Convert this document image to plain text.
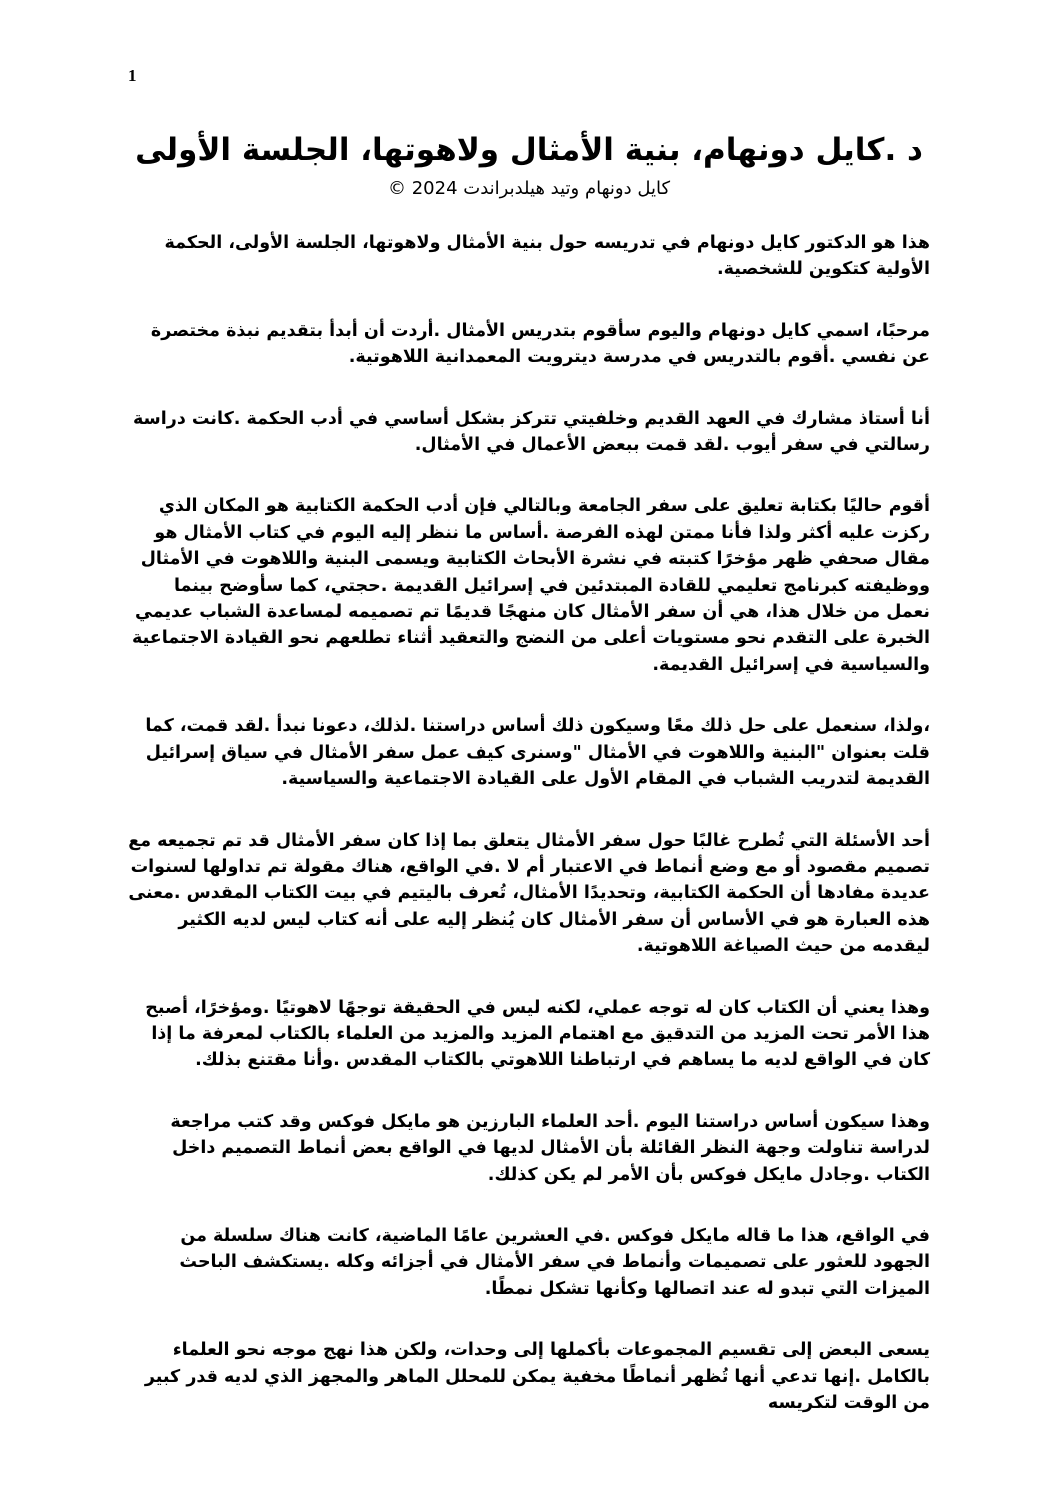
1
د .كايل دونهام، بنية الأمثال ولاهوتها، الجلسة الأولى
كايل دونهام وتيد هيلدبراندت 2024 ©

هذا هو الدكتور كايل دونهام في تدريسه حول بنية الأمثال ولاهوتها، الجلسة الأولى، الحكمة الأولية كتكوين للشخصية.

مرحبًا، اسمي كايل دونهام واليوم سأقوم بتدريس الأمثال .أردت أن أبدأ بتقديم نبذة مختصرة عن نفسي .أقوم بالتدريس في مدرسة ديترويت المعمدانية اللاهوتية.

أنا أستاذ مشارك في العهد القديم وخلفيتي تتركز بشكل أساسي في أدب الحكمة .كانت دراسة رسالتي في سفر أيوب .لقد قمت ببعض الأعمال في الأمثال.

أقوم حاليًا بكتابة تعليق على سفر الجامعة وبالتالي فإن أدب الحكمة الكتابية هو المكان الذي ركزت عليه أكثر ولذا فأنا ممتن لهذه الفرصة .أساس ما ننظر إليه اليوم في كتاب الأمثال هو مقال صحفي ظهر مؤخرًا كتبته في نشرة الأبحاث الكتابية ويسمى البنية واللاهوت في الأمثال ووظيفته كبرنامج تعليمي للقادة المبتدئين في إسرائيل القديمة .حجتي، كما سأوضح بينما نعمل من خلال هذا، هي أن سفر الأمثال كان منهجًا قديمًا تم تصميمه لمساعدة الشباب عديمي الخبرة على التقدم نحو مستويات أعلى من النضج والتعقيد أثناء تطلعهم نحو القيادة الاجتماعية والسياسية في إسرائيل القديمة.

،ولذا، سنعمل على حل ذلك معًا وسيكون ذلك أساس دراستنا .لذلك، دعونا نبدأ .لقد قمت، كما قلت بعنوان "البنية واللاهوت في الأمثال "وسنرى كيف عمل سفر الأمثال في سياق إسرائيل القديمة لتدريب الشباب في المقام الأول على القيادة الاجتماعية والسياسية.

أحد الأسئلة التي تُطرح غالبًا حول سفر الأمثال يتعلق بما إذا كان سفر الأمثال قد تم تجميعه مع تصميم مقصود أو مع وضع أنماط في الاعتبار أم لا .في الواقع، هناك مقولة تم تداولها لسنوات عديدة مفادها أن الحكمة الكتابية، وتحديدًا الأمثال، تُعرف باليتيم في بيت الكتاب المقدس .معنى هذه العبارة هو في الأساس أن سفر الأمثال كان يُنظر إليه على أنه كتاب ليس لديه الكثير ليقدمه من حيث الصياغة اللاهوتية.

وهذا يعني أن الكتاب كان له توجه عملي، لكنه ليس في الحقيقة توجهًا لاهوتيًا .ومؤخرًا، أصبح هذا الأمر تحت المزيد من التدقيق مع اهتمام المزيد والمزيد من العلماء بالكتاب لمعرفة ما إذا كان في الواقع لديه ما يساهم في ارتباطنا اللاهوتي بالكتاب المقدس .وأنا مقتنع بذلك.

وهذا سيكون أساس دراستنا اليوم .أحد العلماء البارزين هو مايكل فوكس وقد كتب مراجعة لدراسة تناولت وجهة النظر القائلة بأن الأمثال لديها في الواقع بعض أنماط التصميم داخل الكتاب .وجادل مايكل فوكس بأن الأمر لم يكن كذلك.

في الواقع، هذا ما قاله مايكل فوكس .في العشرين عامًا الماضية، كانت هناك سلسلة من الجهود للعثور على تصميمات وأنماط في سفر الأمثال في أجزائه وكله .يستكشف الباحث الميزات التي تبدو له عند اتصالها وكأنها تشكل نمطًا.

يسعى البعض إلى تقسيم المجموعات بأكملها إلى وحدات، ولكن هذا نهج موجه نحو العلماء بالكامل .إنها تدعي أنها تُظهر أنماطًا مخفية يمكن للمحلل الماهر والمجهز الذي لديه قدر كبير من الوقت لتكريسه
